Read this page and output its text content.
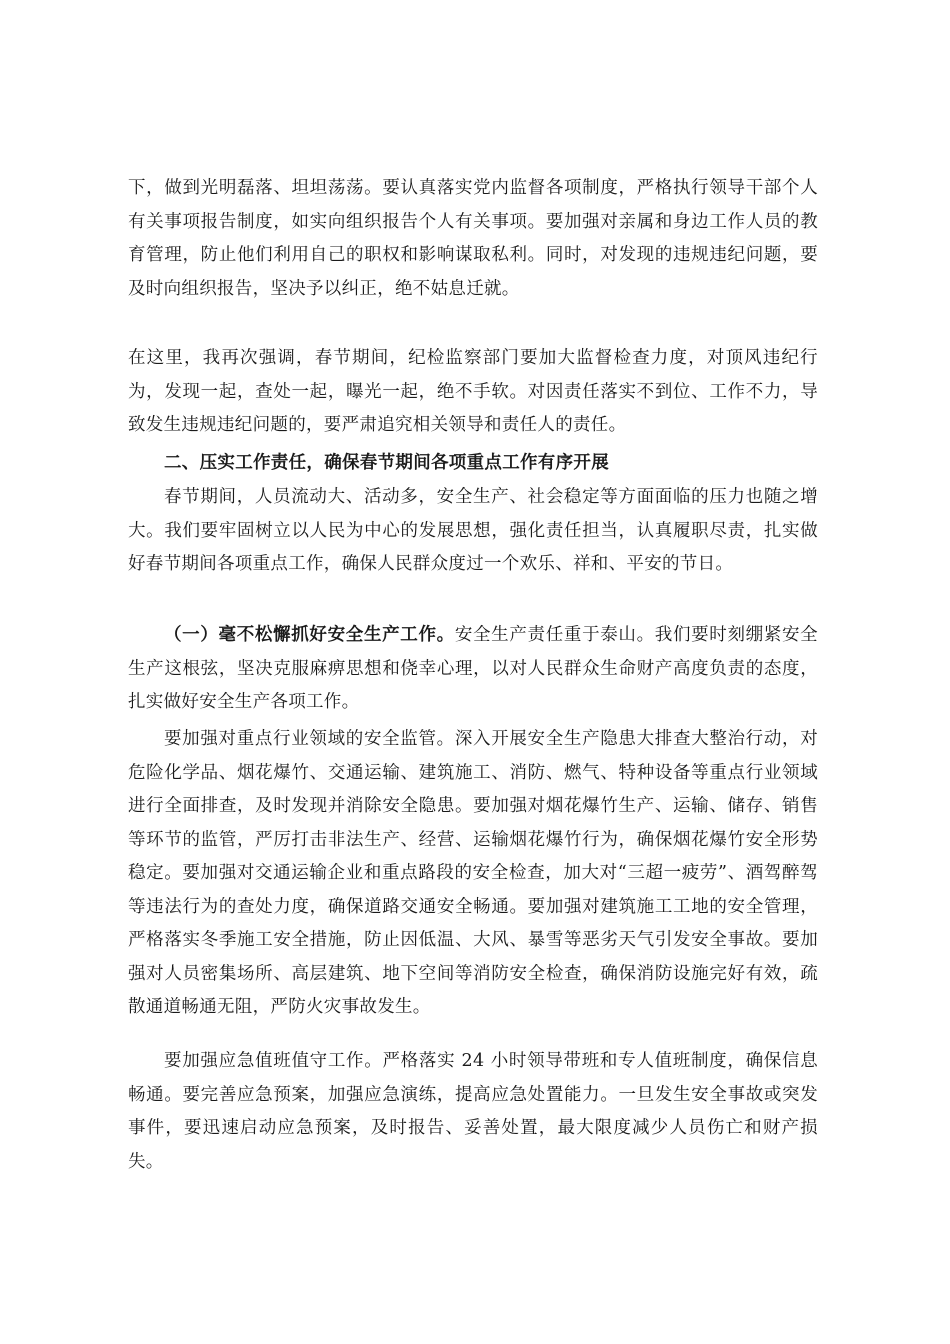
下，做到光明磊落、坦坦荡荡。要认真落实党内监督各项制度，严格执行领导干部个人有关事项报告制度，如实向组织报告个人有关事项。要加强对亲属和身边工作人员的教育管理，防止他们利用自己的职权和影响谋取私利。同时，对发现的违规违纪问题，要及时向组织报告，坚决予以纠正，绝不姑息迁就。

在这里，我再次强调，春节期间，纪检监察部门要加大监督检查力度，对顶风违纪行为，发现一起，查处一起，曝光一起，绝不手软。对因责任落实不到位、工作不力，导致发生违规违纪问题的，要严肃追究相关领导和责任人的责任。

二、压实工作责任，确保春节期间各项重点工作有序开展

春节期间，人员流动大、活动多，安全生产、社会稳定等方面面临的压力也随之增大。我们要牢固树立以人民为中心的发展思想，强化责任担当，认真履职尽责，扎实做好春节期间各项重点工作，确保人民群众度过一个欢乐、祥和、平安的节日。

（一）毫不松懈抓好安全生产工作。安全生产责任重于泰山。我们要时刻绷紧安全生产这根弦，坚决克服麻痹思想和侥幸心理，以对人民群众生命财产高度负责的态度，扎实做好安全生产各项工作。

要加强对重点行业领域的安全监管。深入开展安全生产隐患大排查大整治行动，对危险化学品、烟花爆竹、交通运输、建筑施工、消防、燃气、特种设备等重点行业领域进行全面排查，及时发现并消除安全隐患。要加强对烟花爆竹生产、运输、储存、销售等环节的监管，严厉打击非法生产、经营、运输烟花爆竹行为，确保烟花爆竹安全形势稳定。要加强对交通运输企业和重点路段的安全检查，加大对“三超一疲劳”、酒驾醉驾等违法行为的查处力度，确保道路交通安全畅通。要加强对建筑施工工地的安全管理，严格落实冬季施工安全措施，防止因低温、大风、暴雪等恶劣天气引发安全事故。要加强对人员密集场所、高层建筑、地下空间等消防安全检查，确保消防设施完好有效，疏散通道畅通无阻，严防火灾事故发生。

要加强应急值班值守工作。严格落实 24 小时领导带班和专人值班制度，确保信息畅通。要完善应急预案，加强应急演练，提高应急处置能力。一旦发生安全事故或突发事件，要迅速启动应急预案，及时报告、妥善处置，最大限度减少人员伤亡和财产损失。
